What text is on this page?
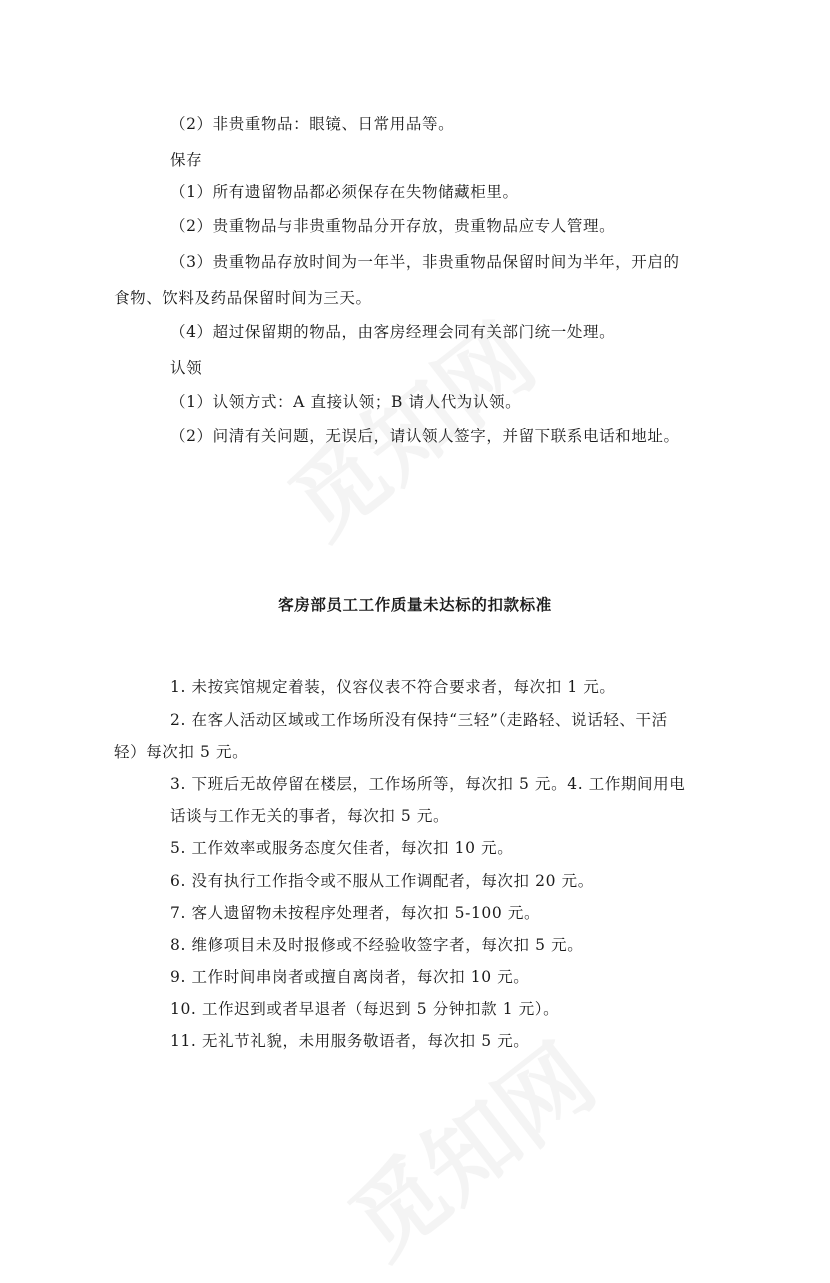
（2）非贵重物品：眼镜、日常用品等。
保存
（1）所有遗留物品都必须保存在失物储藏柜里。
（2）贵重物品与非贵重物品分开存放，贵重物品应专人管理。
（3）贵重物品存放时间为一年半，非贵重物品保留时间为半年，开启的
食物、饮料及药品保留时间为三天。
（4）超过保留期的物品，由客房经理会同有关部门统一处理。
认领
（1）认领方式：A 直接认领；B 请人代为认领。
（2）问清有关问题，无误后，请认领人签字，并留下联系电话和地址。
客房部员工工作质量未达标的扣款标准
1. 未按宾馆规定着装，仪容仪表不符合要求者，每次扣 1 元。
2. 在客人活动区域或工作场所没有保持“三轻”（走路轻、说话轻、干活
轻）每次扣 5 元。
3. 下班后无故停留在楼层，工作场所等，每次扣 5 元。4. 工作期间用电
话谈与工作无关的事者，每次扣 5 元。
5. 工作效率或服务态度欠佳者，每次扣 10 元。
6. 没有执行工作指令或不服从工作调配者，每次扣 20 元。
7. 客人遗留物未按程序处理者，每次扣 5-100 元。
8. 维修项目未及时报修或不经验收签字者，每次扣 5 元。
9. 工作时间串岗者或擅自离岗者，每次扣 10 元。
10. 工作迟到或者早退者（每迟到 5 分钟扣款 1 元）。
11. 无礼节礼貌，未用服务敬语者，每次扣 5 元。
